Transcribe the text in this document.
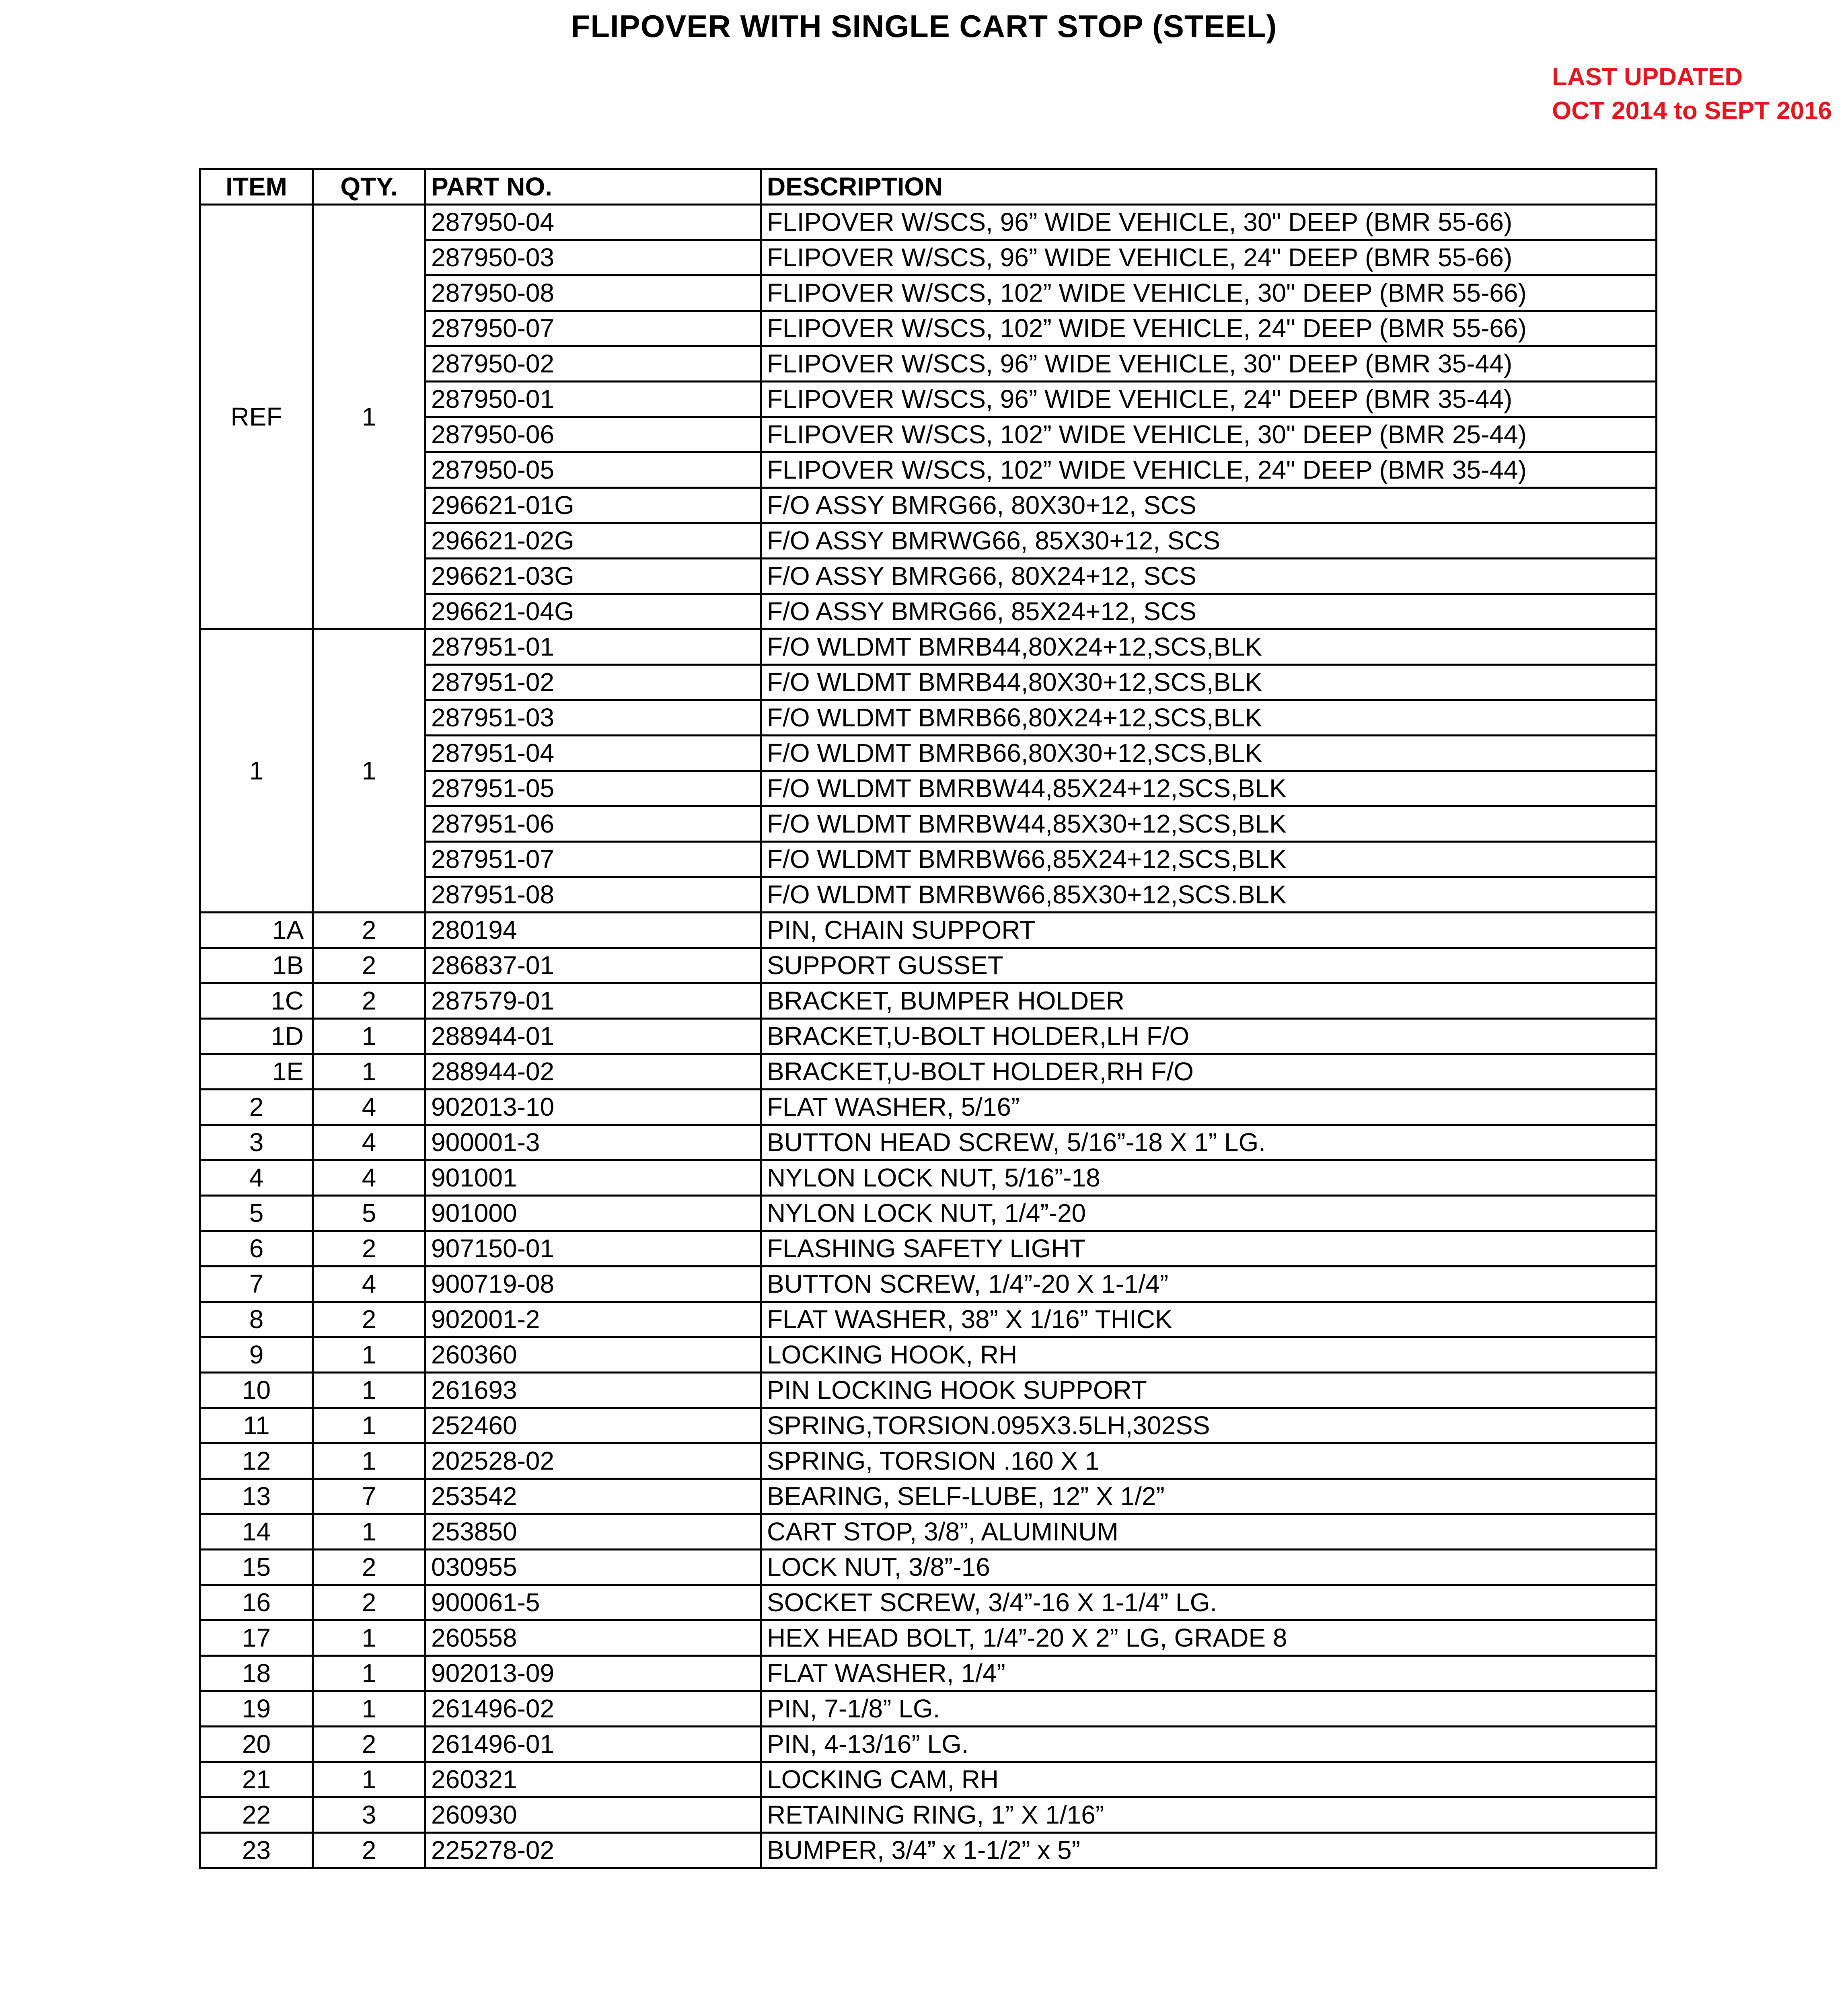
FLIPOVER WITH SINGLE CART STOP (STEEL)
LAST UPDATED
OCT 2014 to SEPT 2016
ITEM	QTY.	PART NO.	DESCRIPTION
REF	1	287950-04	FLIPOVER W/SCS, 96” WIDE VEHICLE, 30" DEEP (BMR 55-66)
		287950-03	FLIPOVER W/SCS, 96” WIDE VEHICLE, 24" DEEP (BMR 55-66)
		287950-08	FLIPOVER W/SCS, 102” WIDE VEHICLE, 30" DEEP (BMR 55-66)
		287950-07	FLIPOVER W/SCS, 102” WIDE VEHICLE, 24" DEEP (BMR 55-66)
		287950-02	FLIPOVER W/SCS, 96” WIDE VEHICLE, 30" DEEP (BMR 35-44)
		287950-01	FLIPOVER W/SCS, 96” WIDE VEHICLE, 24" DEEP (BMR 35-44)
		287950-06	FLIPOVER W/SCS, 102” WIDE VEHICLE, 30" DEEP (BMR 25-44)
		287950-05	FLIPOVER W/SCS, 102” WIDE VEHICLE, 24" DEEP (BMR 35-44)
		296621-01G	F/O ASSY BMRG66, 80X30+12, SCS
		296621-02G	F/O ASSY BMRWG66, 85X30+12, SCS
		296621-03G	F/O ASSY BMRG66, 80X24+12, SCS
		296621-04G	F/O ASSY BMRG66, 85X24+12, SCS
1	1	287951-01	F/O WLDMT BMRB44,80X24+12,SCS,BLK
		287951-02	F/O WLDMT BMRB44,80X30+12,SCS,BLK
		287951-03	F/O WLDMT BMRB66,80X24+12,SCS,BLK
		287951-04	F/O WLDMT BMRB66,80X30+12,SCS,BLK
		287951-05	F/O WLDMT BMRBW44,85X24+12,SCS,BLK
		287951-06	F/O WLDMT BMRBW44,85X30+12,SCS,BLK
		287951-07	F/O WLDMT BMRBW66,85X24+12,SCS,BLK
		287951-08	F/O WLDMT BMRBW66,85X30+12,SCS.BLK
1A	2	280194	PIN, CHAIN SUPPORT
1B	2	286837-01	SUPPORT GUSSET
1C	2	287579-01	BRACKET, BUMPER HOLDER
1D	1	288944-01	BRACKET,U-BOLT HOLDER,LH F/O
1E	1	288944-02	BRACKET,U-BOLT HOLDER,RH F/O
2	4	902013-10	FLAT WASHER, 5/16”
3	4	900001-3	BUTTON HEAD SCREW, 5/16”-18 X 1” LG.
4	4	901001	NYLON LOCK NUT, 5/16”-18
5	5	901000	NYLON LOCK NUT, 1/4”-20
6	2	907150-01	FLASHING SAFETY LIGHT
7	4	900719-08	BUTTON SCREW, 1/4”-20 X 1-1/4”
8	2	902001-2	FLAT WASHER, 38” X 1/16” THICK
9	1	260360	LOCKING HOOK, RH
10	1	261693	PIN LOCKING HOOK SUPPORT
11	1	252460	SPRING,TORSION.095X3.5LH,302SS
12	1	202528-02	SPRING, TORSION .160 X 1
13	7	253542	BEARING, SELF-LUBE, 12” X 1/2”
14	1	253850	CART STOP, 3/8”, ALUMINUM
15	2	030955	LOCK NUT, 3/8”-16
16	2	900061-5	SOCKET SCREW, 3/4”-16 X 1-1/4” LG.
17	1	260558	HEX HEAD BOLT, 1/4”-20 X 2” LG, GRADE 8
18	1	902013-09	FLAT WASHER, 1/4”
19	1	261496-02	PIN, 7-1/8” LG.
20	2	261496-01	PIN, 4-13/16” LG.
21	1	260321	LOCKING CAM, RH
22	3	260930	RETAINING RING, 1” X 1/16”
23	2	225278-02	BUMPER, 3/4” x 1-1/2” x 5”
